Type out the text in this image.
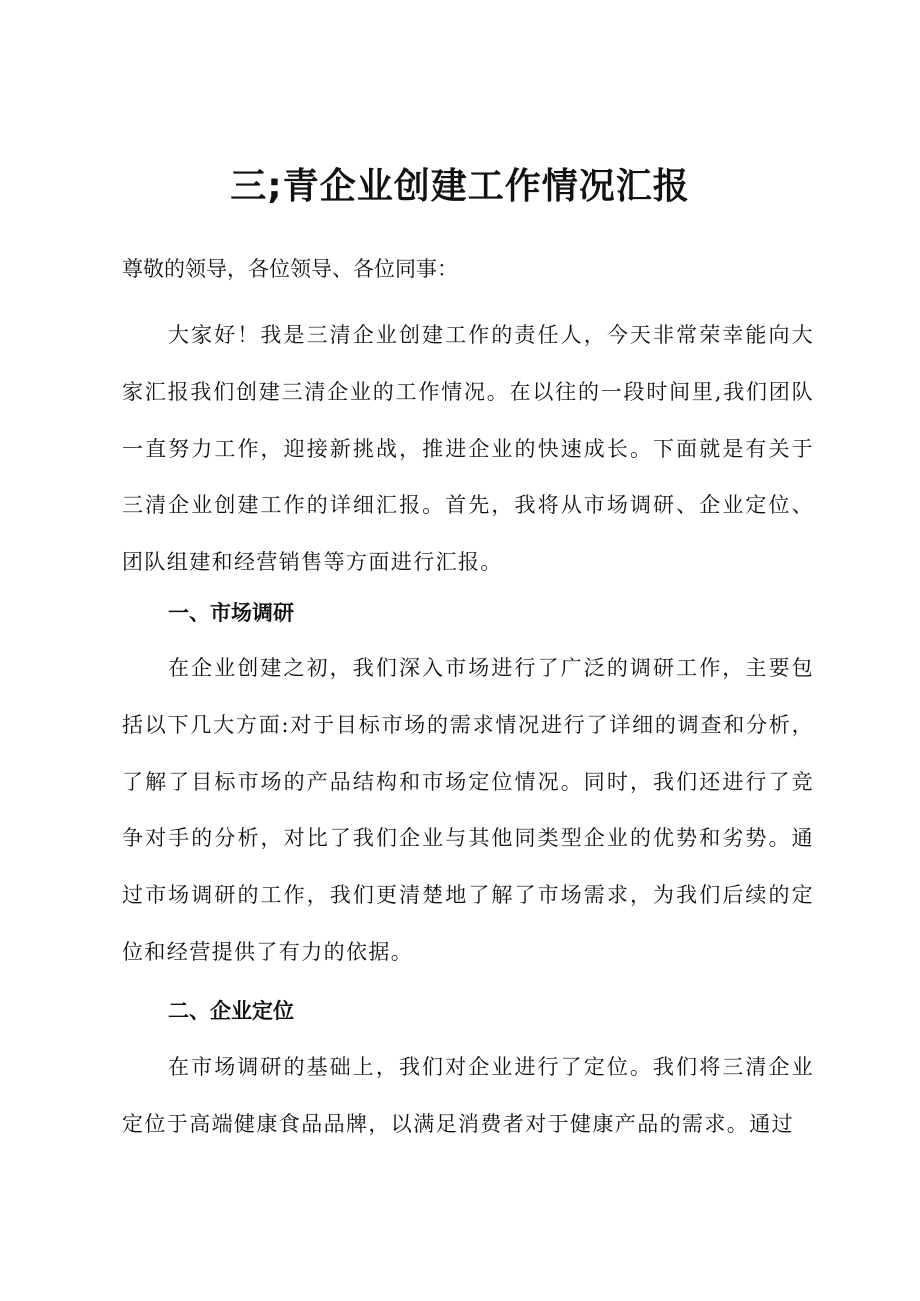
三;青企业创建工作情况汇报
尊敬的领导，各位领导、各位同事：

大家好！我是三清企业创建工作的责任人，今天非常荣幸能向大家汇报我们创建三清企业的工作情况。在以往的一段时间里,我们团队一直努力工作，迎接新挑战，推进企业的快速成长。下面就是有关于三清企业创建工作的详细汇报。首先，我将从市场调研、企业定位、团队组建和经营销售等方面进行汇报。

一、市场调研

在企业创建之初，我们深入市场进行了广泛的调研工作，主要包括以下几大方面:对于目标市场的需求情况进行了详细的调查和分析，了解了目标市场的产品结构和市场定位情况。同时，我们还进行了竞争对手的分析，对比了我们企业与其他同类型企业的优势和劣势。通过市场调研的工作，我们更清楚地了解了市场需求，为我们后续的定位和经营提供了有力的依据。

二、企业定位

在市场调研的基础上，我们对企业进行了定位。我们将三清企业定位于高端健康食品品牌，以满足消费者对于健康产品的需求。通过
